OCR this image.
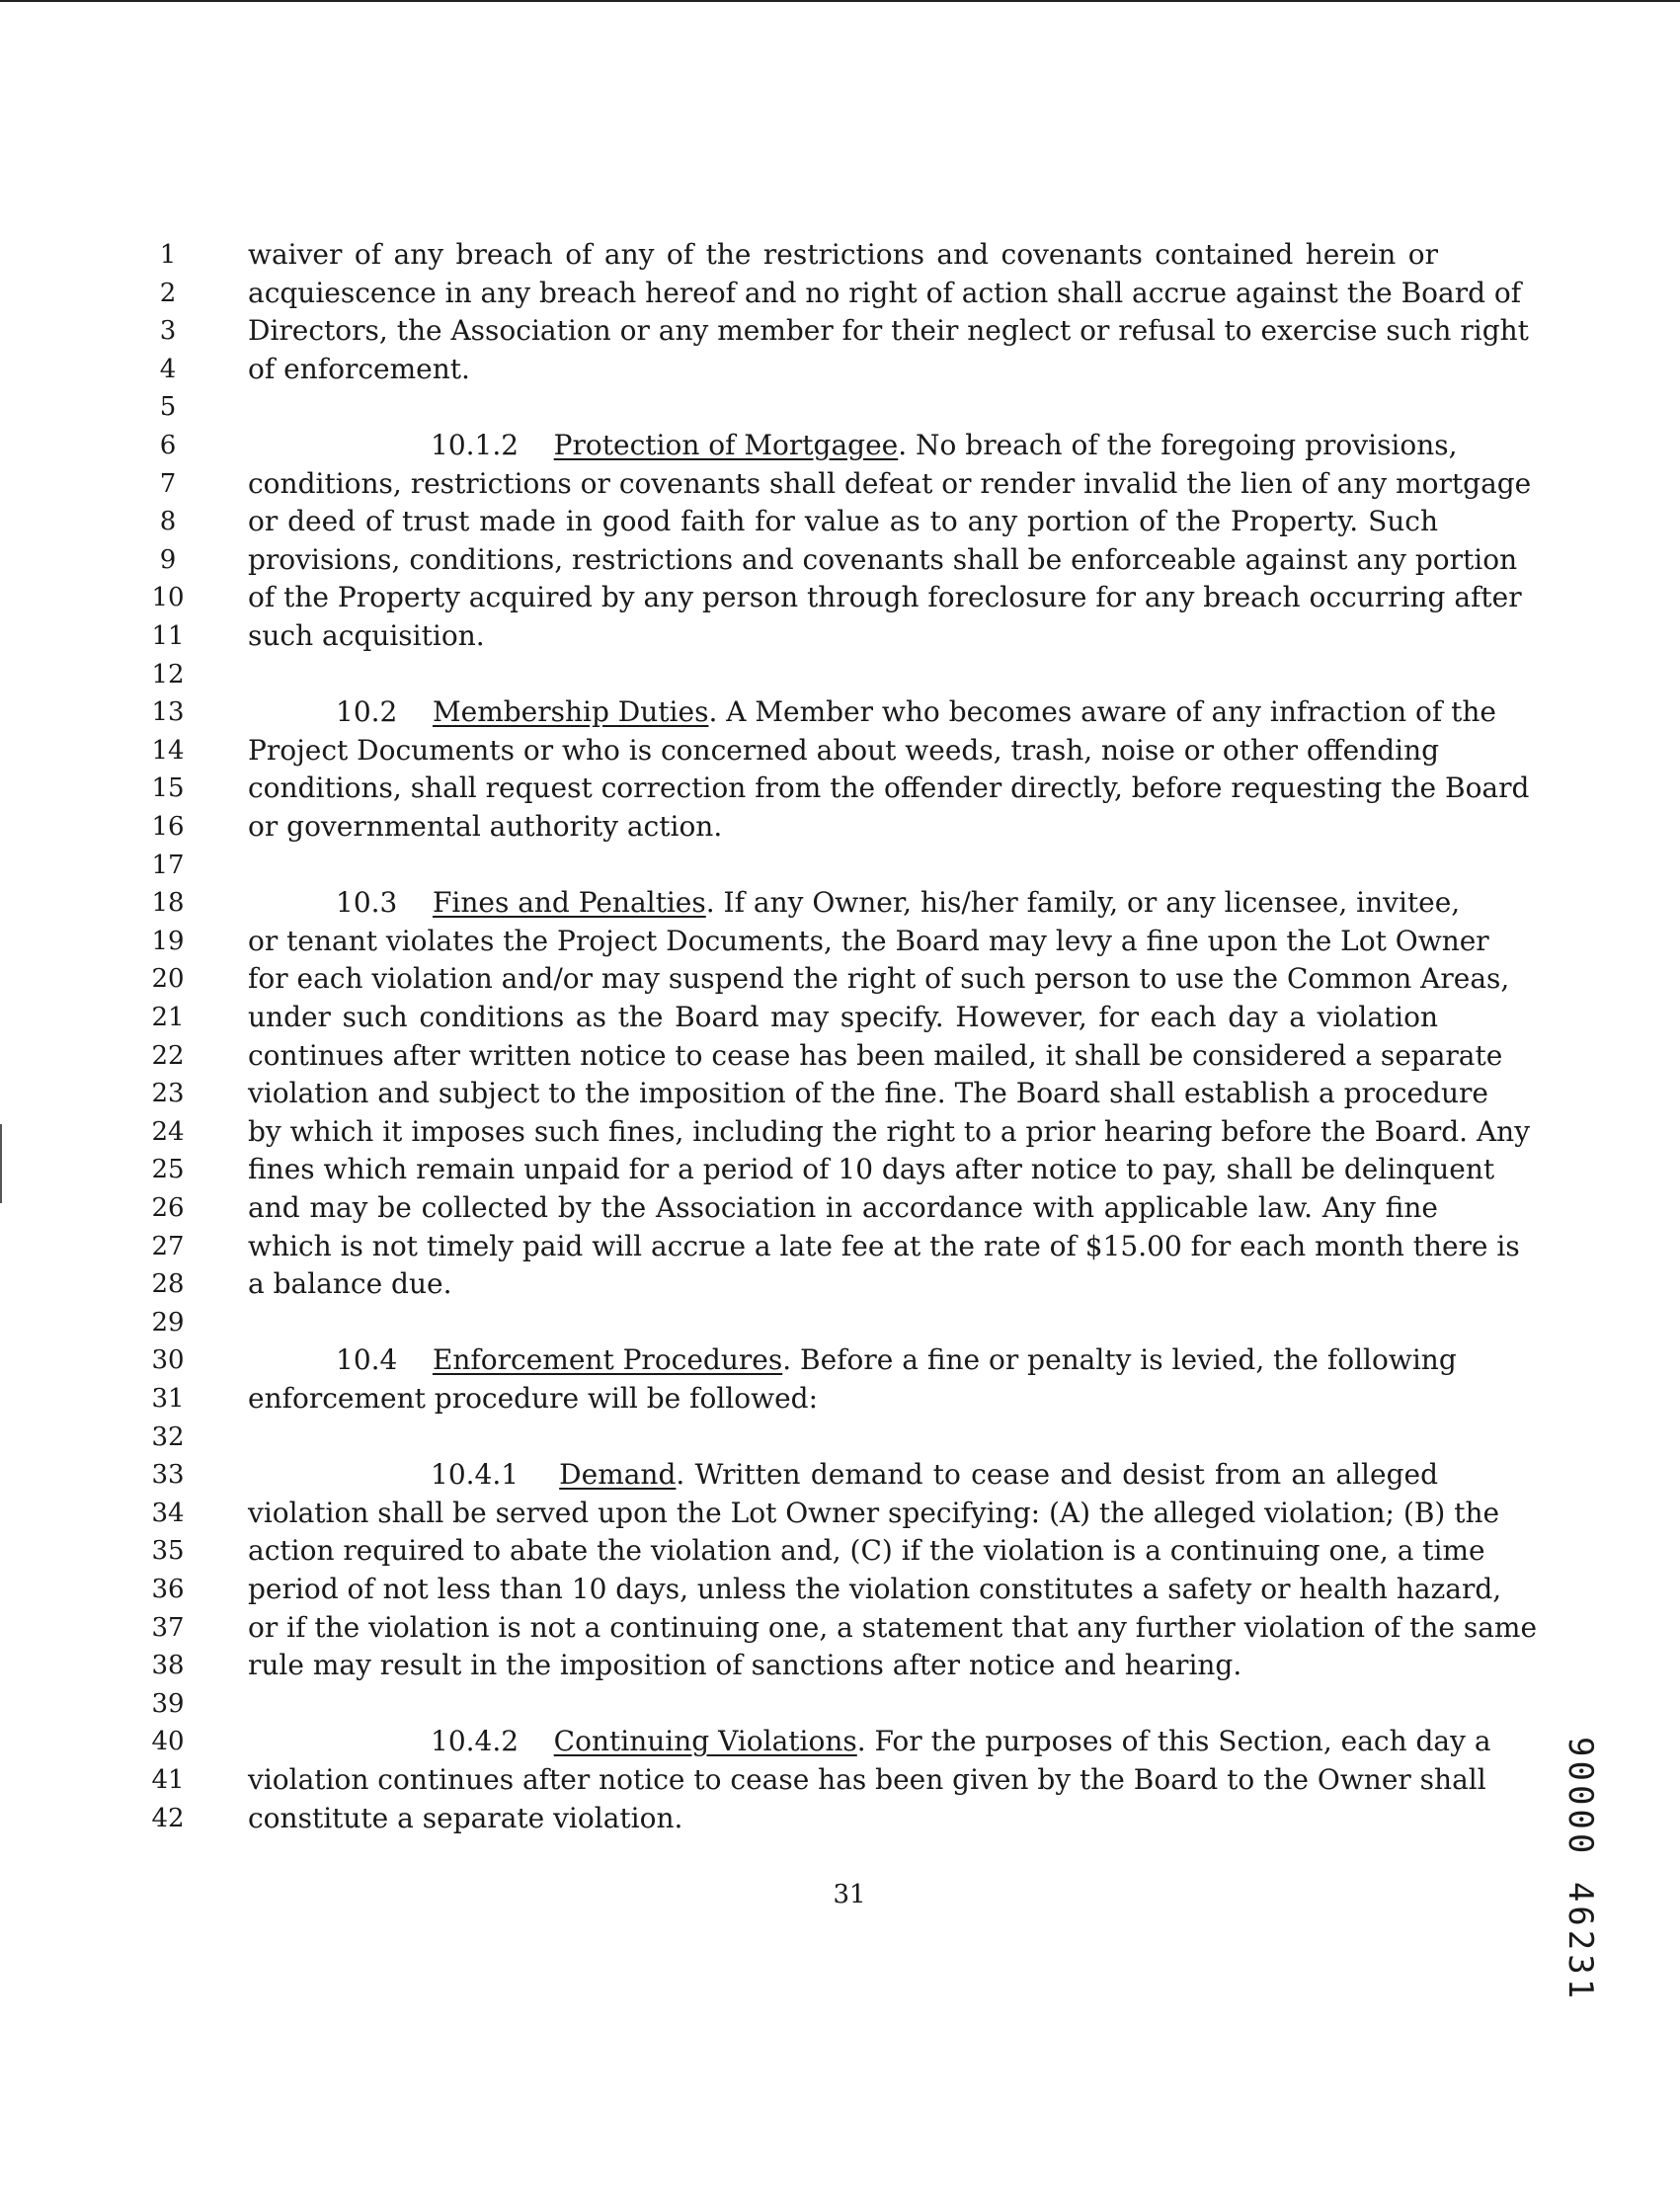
1	waiver of any breach of any of the restrictions and covenants contained herein or
2	acquiescence in any breach hereof and no right of action shall accrue against the Board of
3	Directors, the Association or any member for their neglect or refusal to exercise such right
4	of enforcement.
5
6	10.1.2 Protection of Mortgagee. No breach of the foregoing provisions,
7	conditions, restrictions or covenants shall defeat or render invalid the lien of any mortgage
8	or deed of trust made in good faith for value as to any portion of the Property. Such
9	provisions, conditions, restrictions and covenants shall be enforceable against any portion
10	of the Property acquired by any person through foreclosure for any breach occurring after
11	such acquisition.
12
13	10.2 Membership Duties. A Member who becomes aware of any infraction of the
14	Project Documents or who is concerned about weeds, trash, noise or other offending
15	conditions, shall request correction from the offender directly, before requesting the Board
16	or governmental authority action.
17
18	10.3 Fines and Penalties. If any Owner, his/her family, or any licensee, invitee,
19	or tenant violates the Project Documents, the Board may levy a fine upon the Lot Owner
20	for each violation and/or may suspend the right of such person to use the Common Areas,
21	under such conditions as the Board may specify. However, for each day a violation
22	continues after written notice to cease has been mailed, it shall be considered a separate
23	violation and subject to the imposition of the fine. The Board shall establish a procedure
24	by which it imposes such fines, including the right to a prior hearing before the Board. Any
25	fines which remain unpaid for a period of 10 days after notice to pay, shall be delinquent
26	and may be collected by the Association in accordance with applicable law. Any fine
27	which is not timely paid will accrue a late fee at the rate of $15.00 for each month there is
28	a balance due.
29
30	10.4 Enforcement Procedures. Before a fine or penalty is levied, the following
31	enforcement procedure will be followed:
32
33	10.4.1 Demand. Written demand to cease and desist from an alleged
34	violation shall be served upon the Lot Owner specifying: (A) the alleged violation; (B) the
35	action required to abate the violation and, (C) if the violation is a continuing one, a time
36	period of not less than 10 days, unless the violation constitutes a safety or health hazard,
37	or if the violation is not a continuing one, a statement that any further violation of the same
38	rule may result in the imposition of sanctions after notice and hearing.
39
40	10.4.2 Continuing Violations. For the purposes of this Section, each day a
41	violation continues after notice to cease has been given by the Board to the Owner shall
42	constitute a separate violation.
31	90000 46231
